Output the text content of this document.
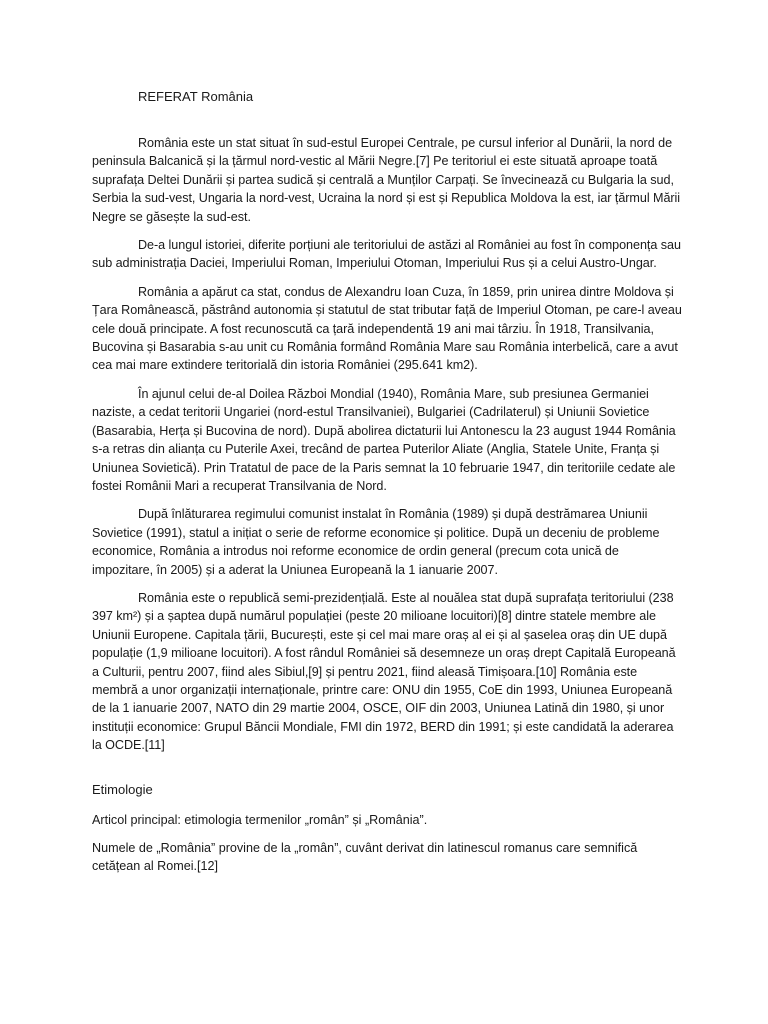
REFERAT România

România este un stat situat în sud-estul Europei Centrale, pe cursul inferior al Dunării, la nord de peninsula Balcanică și la țărmul nord-vestic al Mării Negre.[7] Pe teritoriul ei este situată aproape toată suprafața Deltei Dunării și partea sudică și centrală a Munților Carpați. Se învecinează cu Bulgaria la sud, Serbia la sud-vest, Ungaria la nord-vest, Ucraina la nord și est și Republica Moldova la est, iar țărmul Mării Negre se găsește la sud-est.

De-a lungul istoriei, diferite porțiuni ale teritoriului de astăzi al României au fost în componența sau sub administrația Daciei, Imperiului Roman, Imperiului Otoman, Imperiului Rus și a celui Austro-Ungar.

România a apărut ca stat, condus de Alexandru Ioan Cuza, în 1859, prin unirea dintre Moldova și Țara Românească, păstrând autonomia și statutul de stat tributar față de Imperiul Otoman, pe care-l aveau cele două principate. A fost recunoscută ca țară independentă 19 ani mai târziu. În 1918, Transilvania, Bucovina și Basarabia s-au unit cu România formând România Mare sau România interbelică, care a avut cea mai mare extindere teritorială din istoria României (295.641 km2).

În ajunul celui de-al Doilea Război Mondial (1940), România Mare, sub presiunea Germaniei naziste, a cedat teritorii Ungariei (nord-estul Transilvaniei), Bulgariei (Cadrilaterul) și Uniunii Sovietice (Basarabia, Herța și Bucovina de nord). După abolirea dictaturii lui Antonescu la 23 august 1944 România s-a retras din alianța cu Puterile Axei, trecând de partea Puterilor Aliate (Anglia, Statele Unite, Franța și Uniunea Sovietică). Prin Tratatul de pace de la Paris semnat la 10 februarie 1947, din teritoriile cedate ale fostei Românii Mari a recuperat Transilvania de Nord.

După înlăturarea regimului comunist instalat în România (1989) și după destrămarea Uniunii Sovietice (1991), statul a inițiat o serie de reforme economice și politice. După un deceniu de probleme economice, România a introdus noi reforme economice de ordin general (precum cota unică de impozitare, în 2005) și a aderat la Uniunea Europeană la 1 ianuarie 2007.

România este o republică semi-prezidențială. Este al nouălea stat după suprafața teritoriului (238 397 km²) și a șaptea după numărul populației (peste 20 milioane locuitori)[8] dintre statele membre ale Uniunii Europene. Capitala țării, București, este și cel mai mare oraș al ei și al șaselea oraș din UE după populație (1,9 milioane locuitori). A fost rândul României să desemneze un oraș drept Capitală Europeană a Culturii, pentru 2007, fiind ales Sibiul,[9] și pentru 2021, fiind aleasă Timișoara.[10] România este membră a unor organizații internaționale, printre care: ONU din 1955, CoE din 1993, Uniunea Europeană de la 1 ianuarie 2007, NATO din 29 martie 2004, OSCE, OIF din 2003, Uniunea Latină din 1980, și unor instituții economice: Grupul Băncii Mondiale, FMI din 1972, BERD din 1991; și este candidată la aderarea la OCDE.[11]

Etimologie

Articol principal: etimologia termenilor „român” și „România”.

Numele de „România” provine de la „român”, cuvânt derivat din latinescul romanus care semnifică cetățean al Romei.[12]
